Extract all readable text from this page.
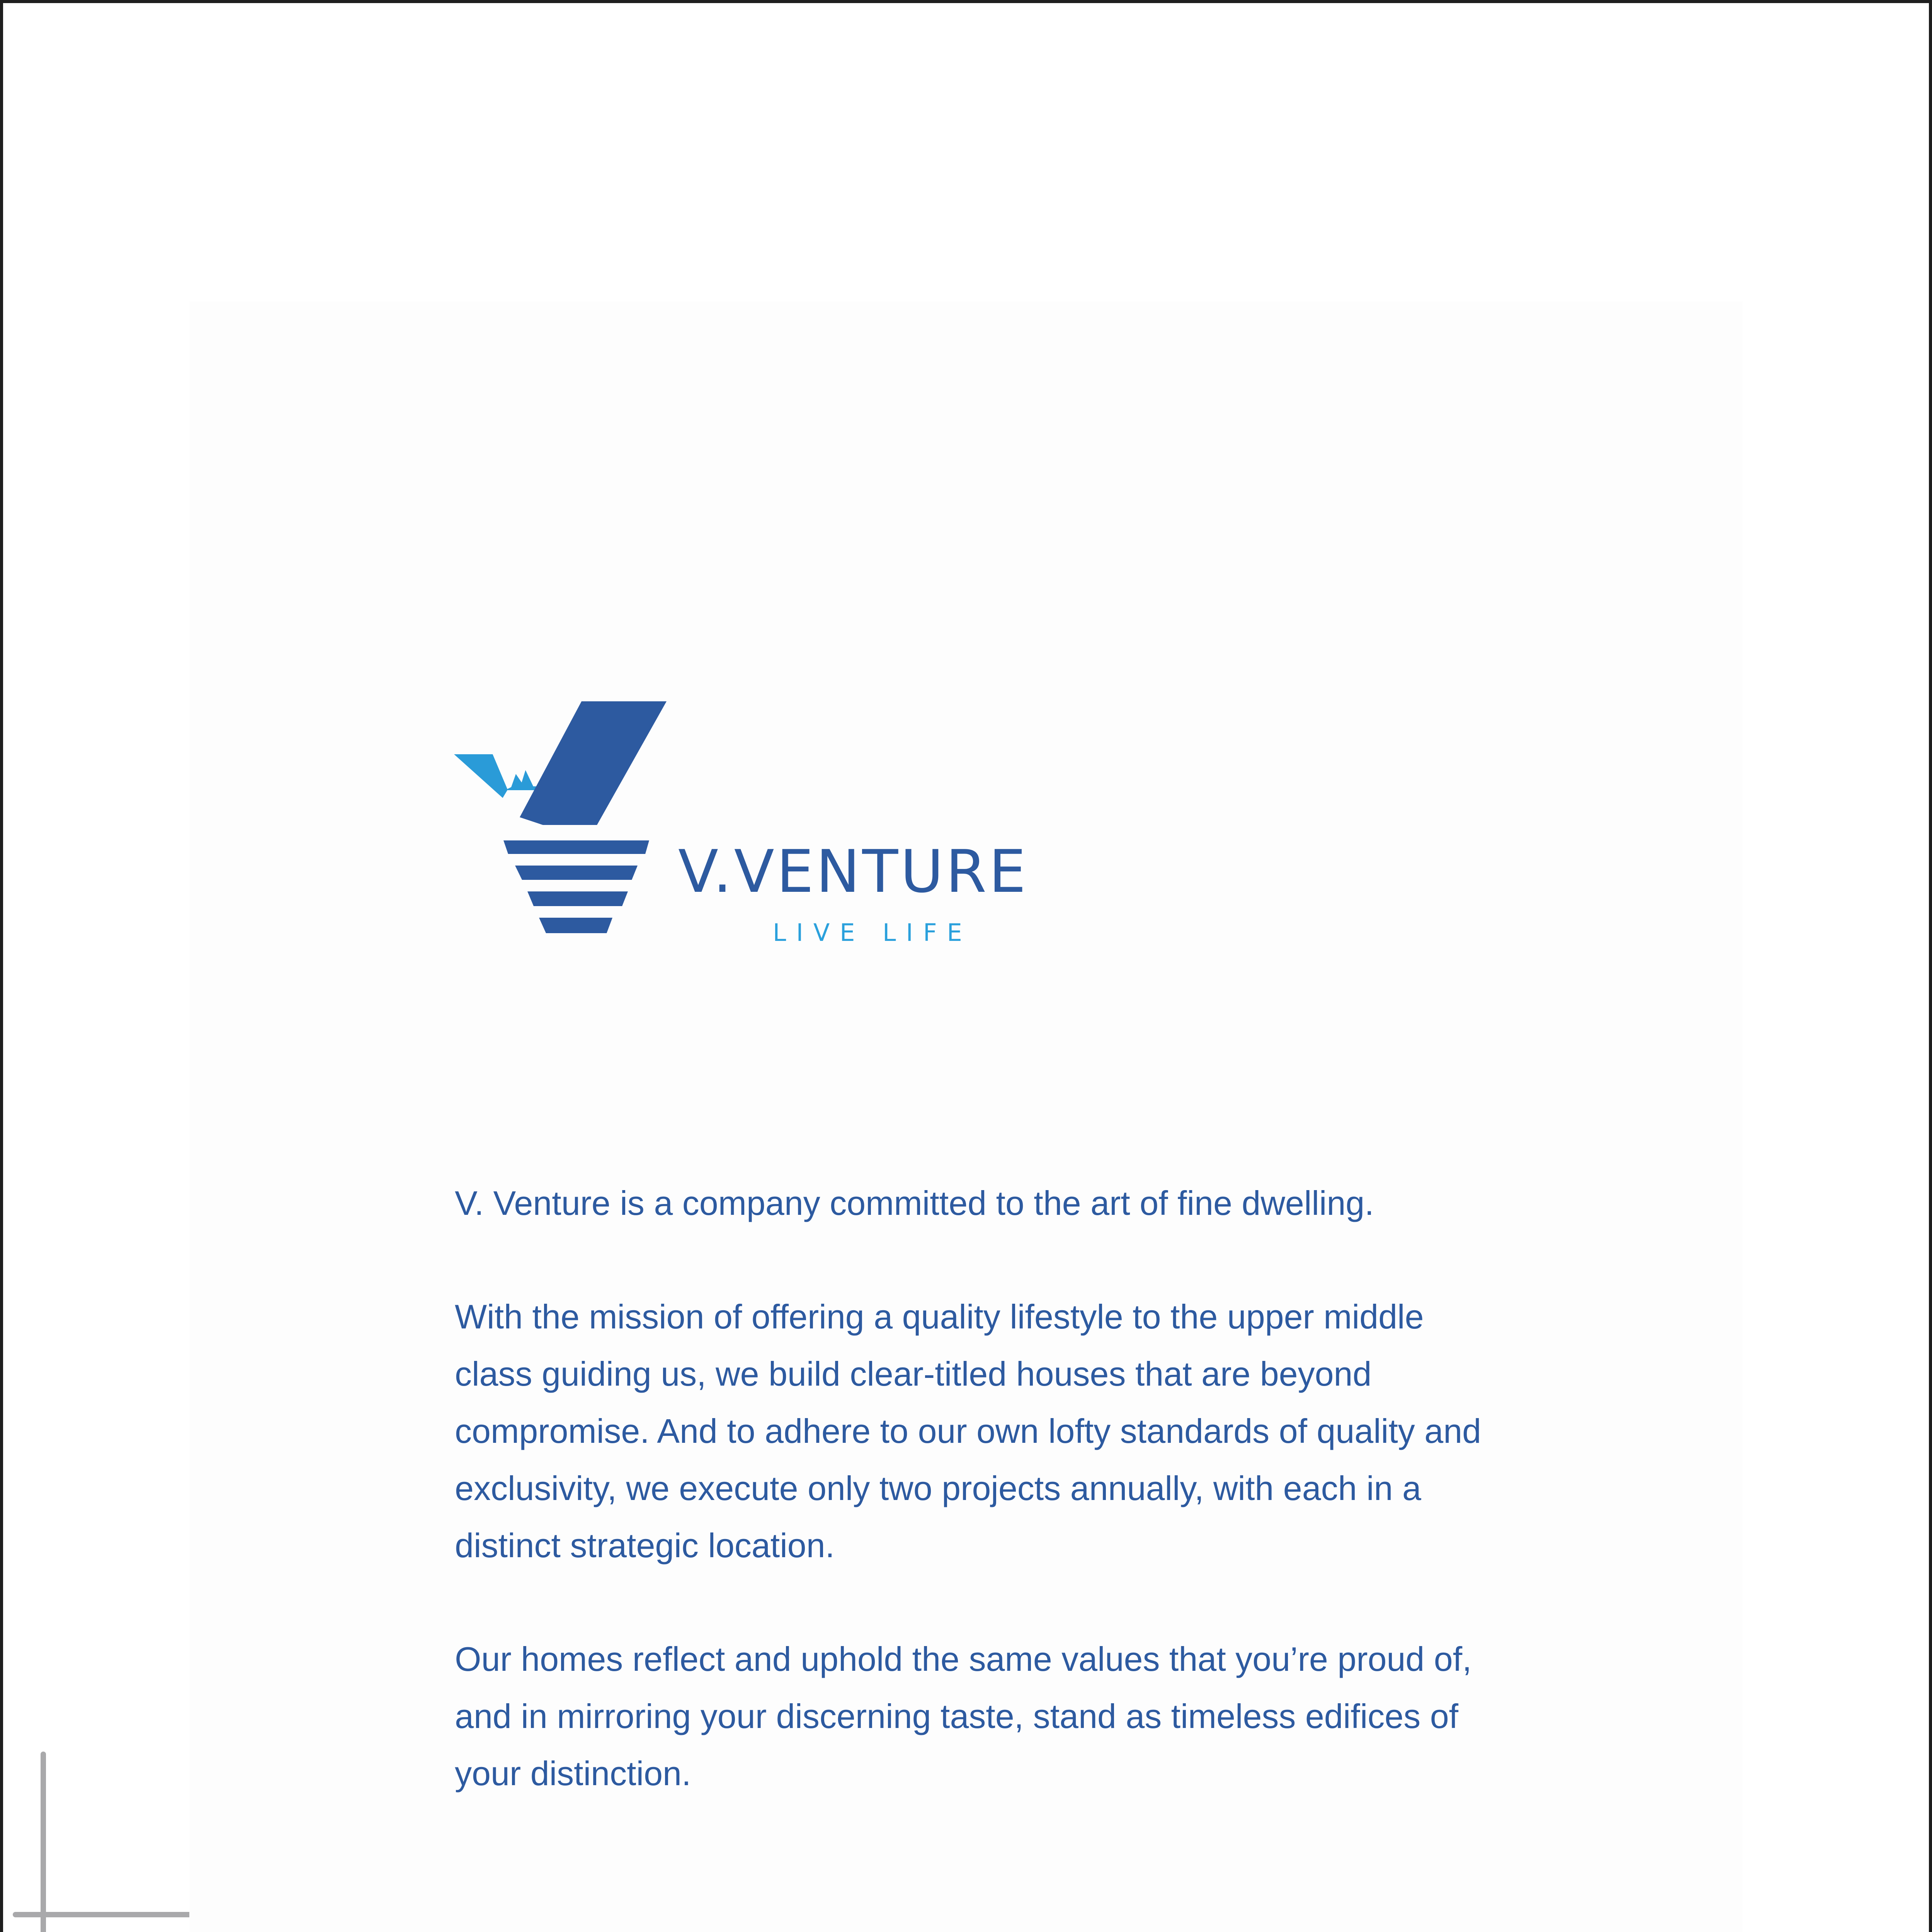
V.VENTURE
LIVE LIFE

V. Venture is a company committed to the art of fine dwelling.

With the mission of offering a quality lifestyle to the upper middle class guiding us, we build clear-titled houses that are beyond compromise. And to adhere to our own lofty standards of quality and exclusivity, we execute only two projects annually, with each in a distinct strategic location.

Our homes reflect and uphold the same values that you’re proud of, and in mirroring your discerning taste, stand as timeless edifices of your distinction.
